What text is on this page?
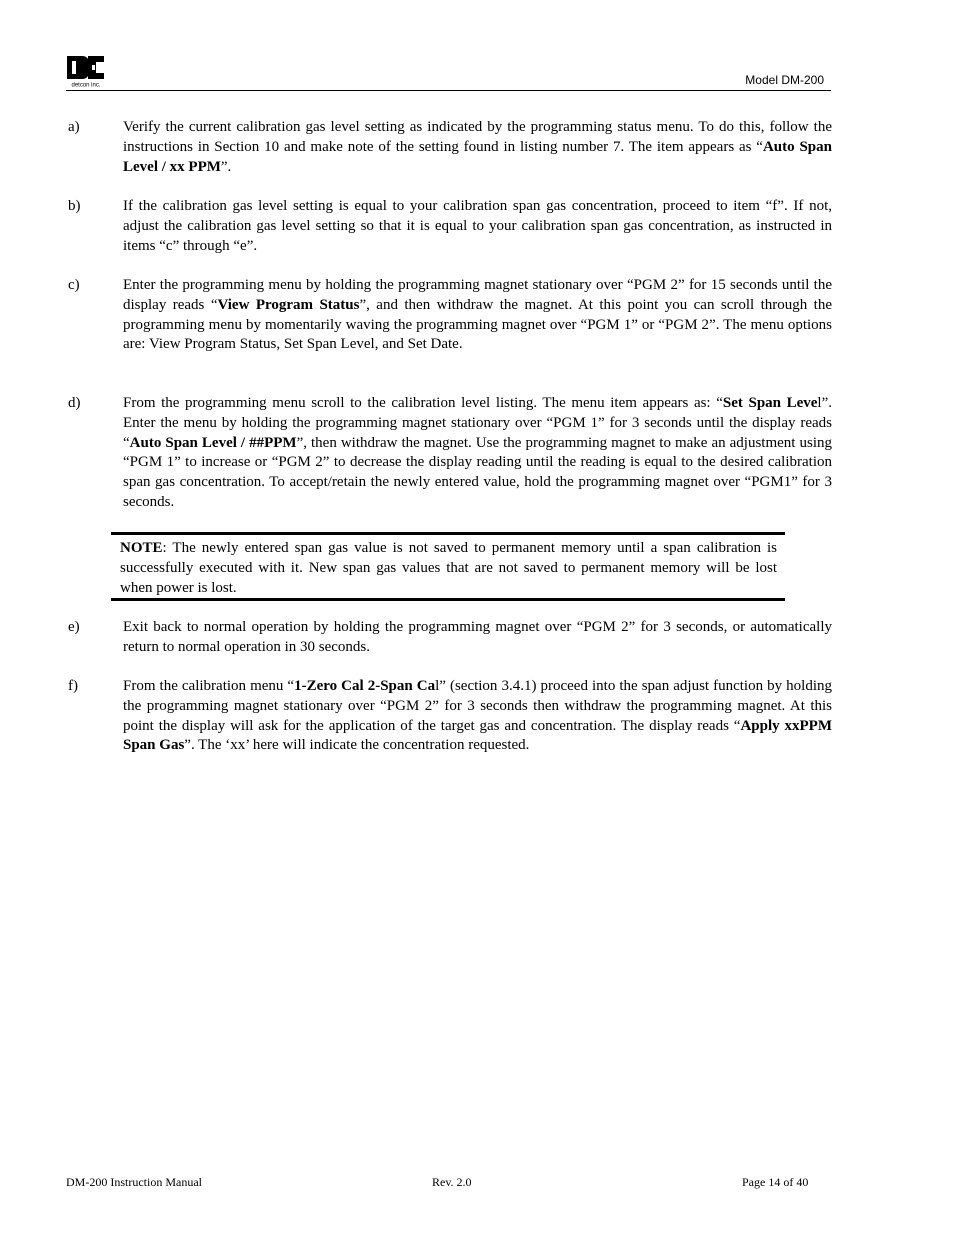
detcon inc.	Model DM-200
a)	Verify the current calibration gas level setting as indicated by the programming status menu. To do this, follow the instructions in Section 10 and make note of the setting found in listing number 7. The item appears as “Auto Span Level / xx PPM”.
b)	If the calibration gas level setting is equal to your calibration span gas concentration, proceed to item “f”. If not, adjust the calibration gas level setting so that it is equal to your calibration span gas concentration, as instructed in items “c” through “e”.
c)	Enter the programming menu by holding the programming magnet stationary over “PGM 2” for 15 seconds until the display reads “View Program Status”, and then withdraw the magnet. At this point you can scroll through the programming menu by momentarily waving the programming magnet over “PGM 1” or “PGM 2”. The menu options are: View Program Status, Set Span Level, and Set Date.
d)	From the programming menu scroll to the calibration level listing. The menu item appears as: “Set Span Level”. Enter the menu by holding the programming magnet stationary over “PGM 1” for 3 seconds until the display reads “Auto Span Level / ##PPM”, then withdraw the magnet. Use the programming magnet to make an adjustment using “PGM 1” to increase or “PGM 2” to decrease the display reading until the reading is equal to the desired calibration span gas concentration. To accept/retain the newly entered value, hold the programming magnet over “PGM1” for 3 seconds.
NOTE: The newly entered span gas value is not saved to permanent memory until a span calibration is successfully executed with it. New span gas values that are not saved to permanent memory will be lost when power is lost.
e)	Exit back to normal operation by holding the programming magnet over “PGM 2” for 3 seconds, or automatically return to normal operation in 30 seconds.
f)	From the calibration menu “1-Zero Cal 2-Span Cal” (section 3.4.1) proceed into the span adjust function by holding the programming magnet stationary over “PGM 2” for 3 seconds then withdraw the programming magnet. At this point the display will ask for the application of the target gas and concentration. The display reads “Apply xxPPM Span Gas”. The ‘xx’ here will indicate the concentration requested.
DM-200 Instruction Manual	Rev. 2.0	Page 14 of 40
